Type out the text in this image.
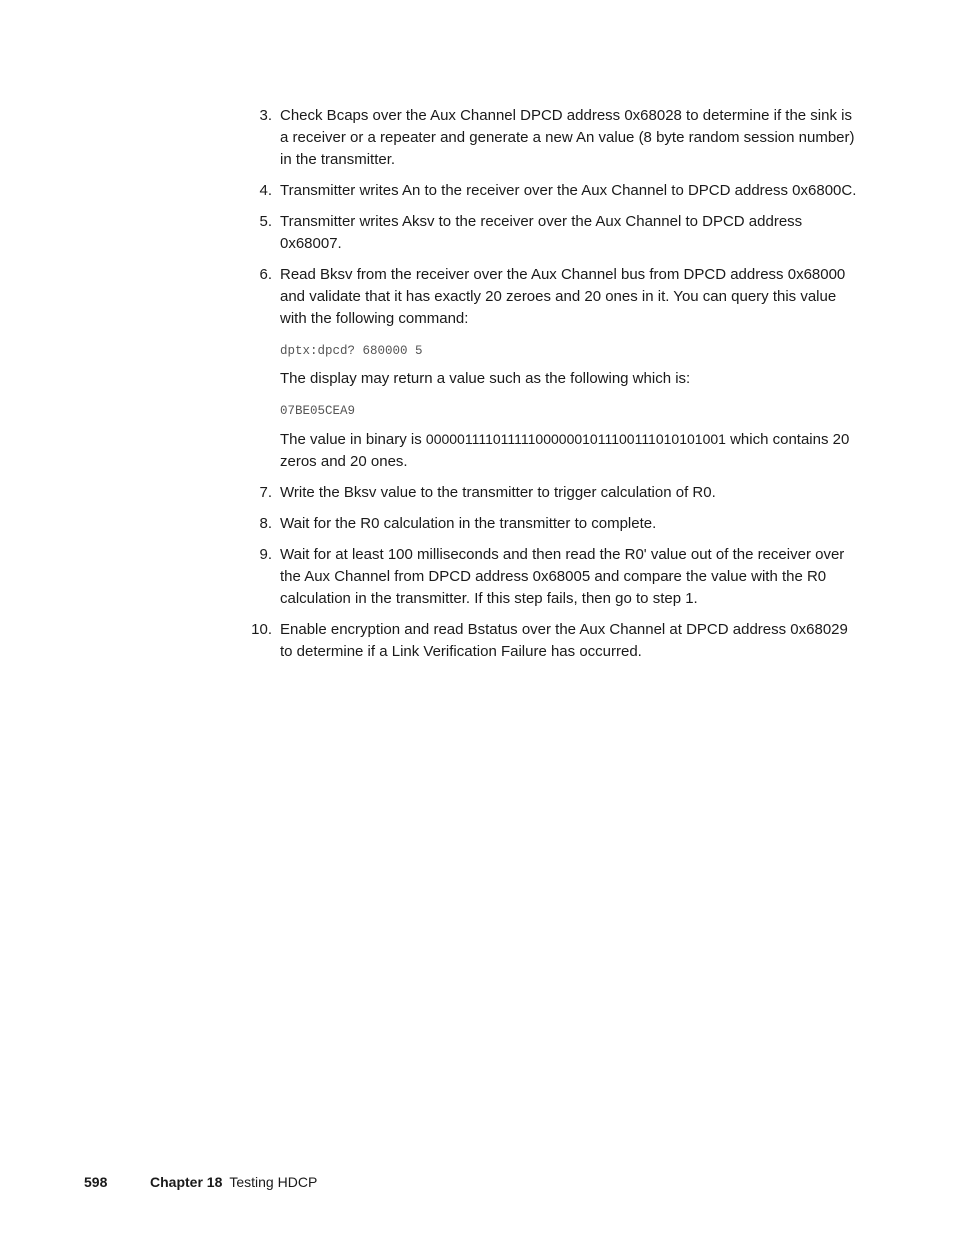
3. Check Bcaps over the Aux Channel DPCD address 0x68028 to determine if the sink is
a receiver or a repeater and generate a new An value (8 byte random session number)
in the transmitter.

4. Transmitter writes An to the receiver over the Aux Channel to DPCD address 0x6800C.

5. Transmitter writes Aksv to the receiver over the Aux Channel to DPCD address
0x68007.

6. Read Bksv from the receiver over the Aux Channel bus from DPCD address 0x68000
and validate that it has exactly 20 zeroes and 20 ones in it. You can query this value
with the following command:

dptx:dpcd? 680000 5

The display may return a value such as the following which is:

07BE05CEA9

The value in binary is 0000011110111110000001011100111010101001 which contains 20
zeros and 20 ones.

7. Write the Bksv value to the transmitter to trigger calculation of R0.

8. Wait for the R0 calculation in the transmitter to complete.

9. Wait for at least 100 milliseconds and then read the R0' value out of the receiver over
the Aux Channel from DPCD address 0x68005 and compare the value with the R0
calculation in the transmitter. If this step fails, then go to step 1.

10. Enable encryption and read Bstatus over the Aux Channel at DPCD address 0x68029
to determine if a Link Verification Failure has occurred.

598	Chapter 18 Testing HDCP
